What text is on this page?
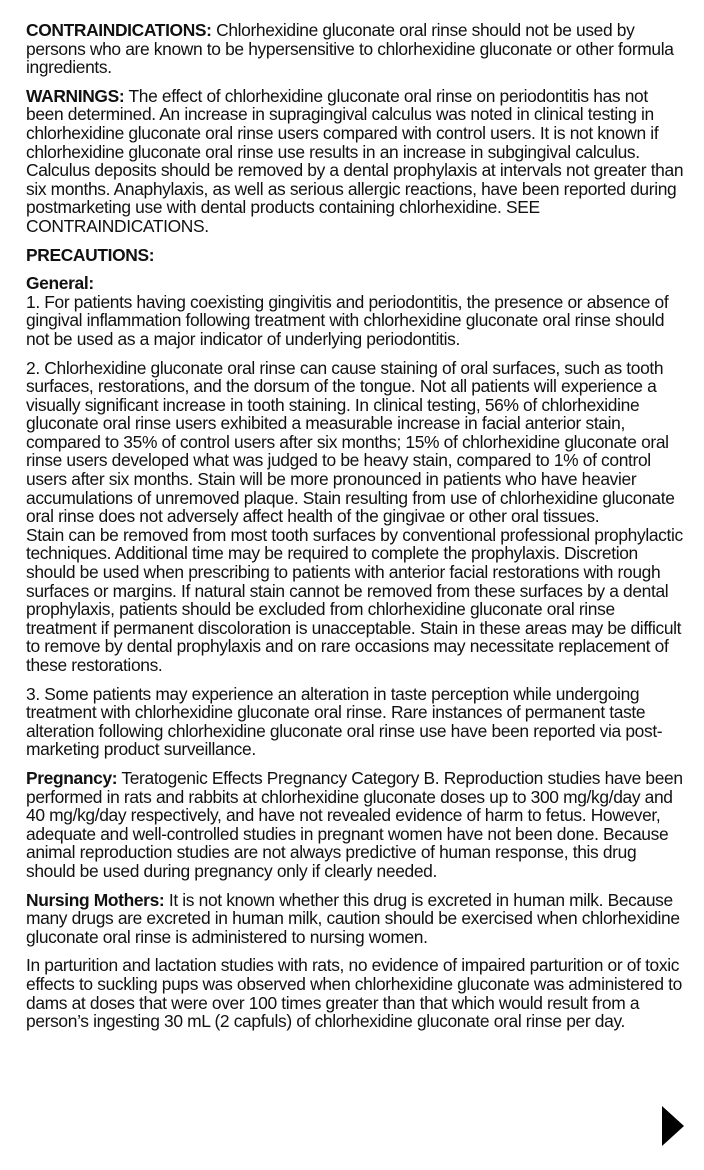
CONTRAINDICATIONS: Chlorhexidine gluconate oral rinse should not be used by persons who are known to be hypersensitive to chlorhexidine gluconate or other formula ingredients.

WARNINGS: The effect of chlorhexidine gluconate oral rinse on periodontitis has not been determined. An increase in supragingival calculus was noted in clinical testing in chlorhexidine gluconate oral rinse users compared with control users. It is not known if chlorhexidine gluconate oral rinse use results in an increase in subgingival calculus. Calculus deposits should be removed by a dental prophylaxis at intervals not greater than six months. Anaphylaxis, as well as serious allergic reactions, have been reported during postmarketing use with dental products containing chlorhexidine. SEE CONTRAINDICATIONS.

PRECAUTIONS:

General:
1. For patients having coexisting gingivitis and periodontitis, the presence or absence of gingival inflammation following treatment with chlorhexidine gluconate oral rinse should not be used as a major indicator of underlying periodontitis.

2. Chlorhexidine gluconate oral rinse can cause staining of oral surfaces, such as tooth surfaces, restorations, and the dorsum of the tongue. Not all patients will experience a visually significant increase in tooth staining. In clinical testing, 56% of chlorhexidine gluconate oral rinse users exhibited a measurable increase in facial anterior stain, compared to 35% of control users after six months; 15% of chlorhexidine gluconate oral rinse users developed what was judged to be heavy stain, compared to 1% of control users after six months. Stain will be more pronounced in patients who have heavier accumulations of unremoved plaque. Stain resulting from use of chlorhexidine gluconate oral rinse does not adversely affect health of the gingivae or other oral tissues.
Stain can be removed from most tooth surfaces by conventional professional prophylactic techniques. Additional time may be required to complete the prophylaxis. Discretion should be used when prescribing to patients with anterior facial restorations with rough surfaces or margins. If natural stain cannot be removed from these surfaces by a dental prophylaxis, patients should be excluded from chlorhexidine gluconate oral rinse treatment if permanent discoloration is unacceptable. Stain in these areas may be difficult to remove by dental prophylaxis and on rare occasions may necessitate replacement of these restorations.

3. Some patients may experience an alteration in taste perception while undergoing treatment with chlorhexidine gluconate oral rinse. Rare instances of permanent taste alteration following chlorhexidine gluconate oral rinse use have been reported via post-marketing product surveillance.

Pregnancy: Teratogenic Effects Pregnancy Category B. Reproduction studies have been performed in rats and rabbits at chlorhexidine gluconate doses up to 300 mg/kg/day and 40 mg/kg/day respectively, and have not revealed evidence of harm to fetus. However, adequate and well-controlled studies in pregnant women have not been done. Because animal reproduction studies are not always predictive of human response, this drug should be used during pregnancy only if clearly needed.

Nursing Mothers: It is not known whether this drug is excreted in human milk. Because many drugs are excreted in human milk, caution should be exercised when chlorhexidine gluconate oral rinse is administered to nursing women.

In parturition and lactation studies with rats, no evidence of impaired parturition or of toxic effects to suckling pups was observed when chlorhexidine gluconate was administered to dams at doses that were over 100 times greater than that which would result from a person’s ingesting 30 mL (2 capfuls) of chlorhexidine gluconate oral rinse per day.
